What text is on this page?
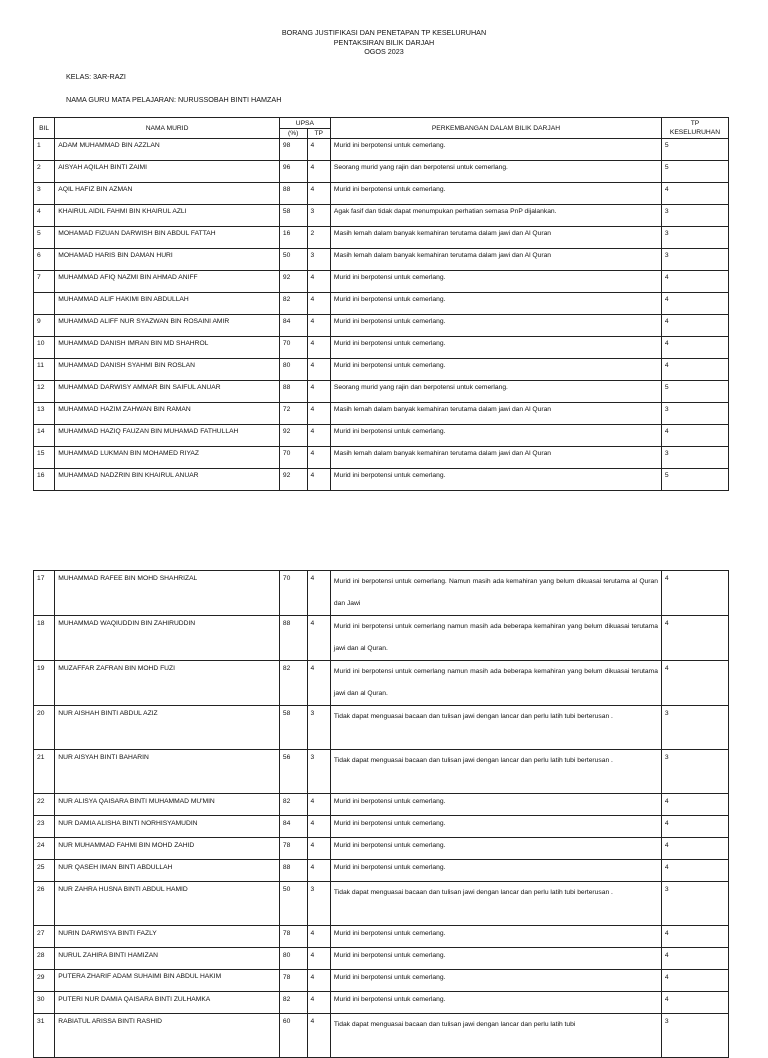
BORANG JUSTIFIKASI DAN PENETAPAN TP KESELURUHAN
PENTAKSIRAN BILIK DARJAH
OGOS 2023
KELAS: 3AR-RAZI
NAMA GURU MATA PELAJARAN: NURUSSOBAH BINTI HAMZAH
BIL	NAMA MURID	UPSA		PERKEMBANGAN DALAM BILIK DARJAH	TP
KESELURUHAN

		(%)	TP		
1	ADAM MUHAMMAD BIN AZZLAN	98	4	Murid ini berpotensi untuk cemerlang.	5
2	AISYAH AQILAH BINTI ZAIMI	96	4	Seorang murid yang rajin dan berpotensi untuk cemerlang.	5
3	AQIL HAFIZ BIN AZMAN	88	4	Murid ini berpotensi untuk cemerlang.	4
4	KHAIRUL AIDIL FAHMI BIN KHAIRUL AZLI	58	3	Agak fasif dan tidak dapat menumpukan perhatian semasa PnP dijalankan.	3
5	MOHAMAD FIZUAN DARWISH BIN ABDUL FATTAH	16	2	Masih lemah dalam banyak kemahiran terutama dalam jawi dan Al Quran	3
6	MOHAMAD HARIS BIN DAMAN HURI	50	3	Masih lemah dalam banyak kemahiran terutama dalam jawi dan Al Quran	3
7	MUHAMMAD AFIQ NAZMI BIN AHMAD ANIFF	92	4	Murid ini berpotensi untuk cemerlang.	4
	MUHAMMAD ALIF HAKIMI BIN ABDULLAH	82	4	Murid ini berpotensi untuk cemerlang.	4
9	MUHAMMAD ALIFF NUR SYAZWAN BIN ROSAINI AMIR	84	4	Murid ini berpotensi untuk cemerlang.	4
10	MUHAMMAD DANISH IMRAN BIN MD SHAHROL	70	4	Murid ini berpotensi untuk cemerlang.	4
11	MUHAMMAD DANISH SYAHMI BIN ROSLAN	80	4	Murid ini berpotensi untuk cemerlang.	4
12	MUHAMMAD DARWISY AMMAR BIN SAIFUL ANUAR	88	4	Seorang murid yang rajin dan berpotensi untuk cemerlang.	5
13	MUHAMMAD HAZIM ZAHWAN BIN RAMAN	72	4	Masih lemah dalam banyak kemahiran terutama dalam jawi dan Al Quran	3
14	MUHAMMAD HAZIQ FAUZAN BIN MUHAMAD FATHULLAH	92	4	Murid ini berpotensi untuk cemerlang.	4
15	MUHAMMAD LUKMAN BIN MOHAMED RIYAZ	70	4	Masih lemah dalam banyak kemahiran terutama dalam jawi dan Al Quran	3
16	MUHAMMAD NADZRIN BIN KHAIRUL ANUAR	92	4	Murid ini berpotensi untuk cemerlang.	5
17	MUHAMMAD RAFEE BIN MOHD SHAHRIZAL	70	4	Murid ini berpotensi untuk cemerlang. Namun masih ada kemahiran yang belum dikuasai terutama al Quran dan Jawi	4
18	MUHAMMAD WAQIUDDIN BIN ZAHIRUDDIN	88	4	Murid ini berpotensi untuk cemerlang namun masih ada beberapa kemahiran yang belum dikuasai terutama jawi dan al Quran.	4
19	MUZAFFAR ZAFRAN BIN MOHD FUZI	82	4	Murid ini berpotensi untuk cemerlang namun masih ada beberapa kemahiran yang belum dikuasai terutama jawi dan al Quran.	4
20	NUR AISHAH BINTI ABDUL AZIZ	58	3	Tidak dapat menguasai bacaan dan tulisan jawi dengan lancar dan perlu latih tubi berterusan .	3
21	NUR AISYAH BINTI BAHARIN	56	3	Tidak dapat menguasai bacaan dan tulisan jawi dengan lancar dan perlu latih tubi berterusan .	3
22	NUR ALISYA QAISARA BINTI MUHAMMAD MU'MIN	82	4	Murid ini berpotensi untuk cemerlang.	4
23	NUR DAMIA ALISHA BINTI NORHISYAMUDIN	84	4	Murid ini berpotensi untuk cemerlang.	4
24	NUR MUHAMMAD FAHMI BIN MOHD ZAHID	78	4	Murid ini berpotensi untuk cemerlang.	4
25	NUR QASEH IMAN BINTI ABDULLAH	88	4	Murid ini berpotensi untuk cemerlang.	4
26	NUR ZAHRA HUSNA BINTI ABDUL HAMID	50	3	Tidak dapat menguasai bacaan dan tulisan jawi dengan lancar dan perlu latih tubi berterusan .	3
27	NURIN DARWISYA BINTI FAZLY	78	4	Murid ini berpotensi untuk cemerlang.	4
28	NURUL ZAHIRA BINTI HAMIZAN	80	4	Murid ini berpotensi untuk cemerlang.	4
29	PUTERA ZHARIF ADAM SUHAIMI BIN ABDUL HAKIM	78	4	Murid ini berpotensi untuk cemerlang.	4
30	PUTERI NUR DAMIA QAISARA BINTI ZULHAMKA	82	4	Murid ini berpotensi untuk cemerlang.	4
31	RABIATUL ARISSA BINTI RASHID	60	4	Tidak dapat menguasai bacaan dan tulisan jawi dengan lancar dan perlu latih tubi	3
